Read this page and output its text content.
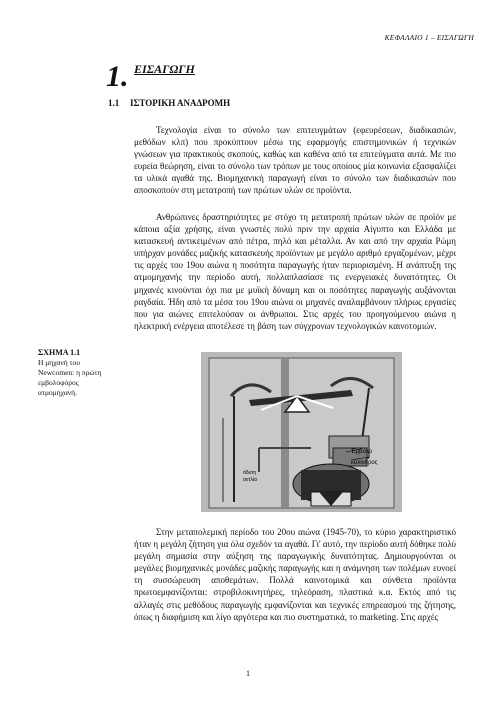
ΚΕΦΑΛΑΙΟ 1 – ΕΙΣΑΓΩΓΗ
1. ΕΙΣΑΓΩΓΗ
1.1 ΙΣΤΟΡΙΚΗ ΑΝΑΔΡΟΜΗ

Τεχνολογία είναι το σύνολο των επιτευγμάτων (εφευρέσεων, διαδικασιών, μεθόδων κλπ) που προκύπτουν μέσω της εφαρμογής επιστημονικών ή τεχνικών γνώσεων για πρακτικούς σκοπούς, καθώς και καθένα από τα επιτεύγματα αυτά. Με πιο ευρεία θεώρηση, είναι το σύνολο των τρόπων με τους οποίους μία κοινωνία εξασφαλίζει τα υλικά αγαθά της. Βιομηχανική παραγωγή είναι το σύνολο των διαδικασιών που αποσκοπούν στη μετατροπή των πρώτων υλών σε προϊόντα.

Ανθρώπινες δραστηριότητες με στόχο τη μετατροπή πρώτων υλών σε προϊόν με κάποια αξία χρήσης, είναι γνωστές πολύ πριν την αρχαία Αίγυπτο και Ελλάδα με κατασκευή αντικειμένων από πέτρα, πηλό και μέταλλα. Αν και από την αρχαία Ρώμη υπήρχαν μονάδες μαζικής κατασκευής προϊόντων με μεγάλο αριθμό εργαζομένων, μέχρι τις αρχές του 19ου αιώνα η ποσότητα παραγωγής ήταν περιορισμένη. Η ανάπτυξη της ατμομηχανής την περίοδο αυτή, πολλαπλασίασε τις ενεργειακές δυνατότητες. Οι μηχανές κινούνται όχι πια με μυϊκή δύναμη και οι ποσότητες παραγωγής αυξάνονται ραγδαία. Ήδη από τα μέσα του 19ου αιώνα οι μηχανές αναλαμβάνουν πλήρως εργασίες που για αιώνες επιτελούσαν οι άνθρωποι. Στις αρχές του προηγούμενου αιώνα η ηλεκτρική ενέργεια αποτέλεσε τη βάση των σύγχρονων τεχνολογικών καινοτομιών.

ΣΧΗΜΑ 1.1
Η μηχανή του Newcomen: η πρώτη εμβολοφόρος ατμομηχανή.
Έμβολο
κύλινδρος
άδυτη
αντλία

Στην μεταπολεμική περίοδο του 20ου αιώνα (1945-70), το κύριο χαρακτηριστικό ήταν η μεγάλη ζήτηση για όλα σχεδόν τα αγαθά. Γι' αυτό, την περίοδο αυτή δόθηκε πολύ μεγάλη σημασία στην αύξηση της παραγωγικής δυνατότητας. Δημιουργούνται οι μεγάλες βιομηχανικές μονάδες μαζικής παραγωγής και η ανάμνηση των πολέμων ευνοεί τη συσσώρευση αποθεμάτων. Πολλά καινοτομικά και σύνθετα προϊόντα πρωτοεμφανίζονται: στροβιλοκινητήρες, τηλεόραση, πλαστικά κ.α. Εκτός από τις αλλαγές στις μεθόδους παραγωγής εμφανίζονται και τεχνικές επηρεασμού της ζήτησης, όπως η διαφήμιση και λίγο αργότερα και πιο συστηματικά, το marketing. Στις αρχές

1
